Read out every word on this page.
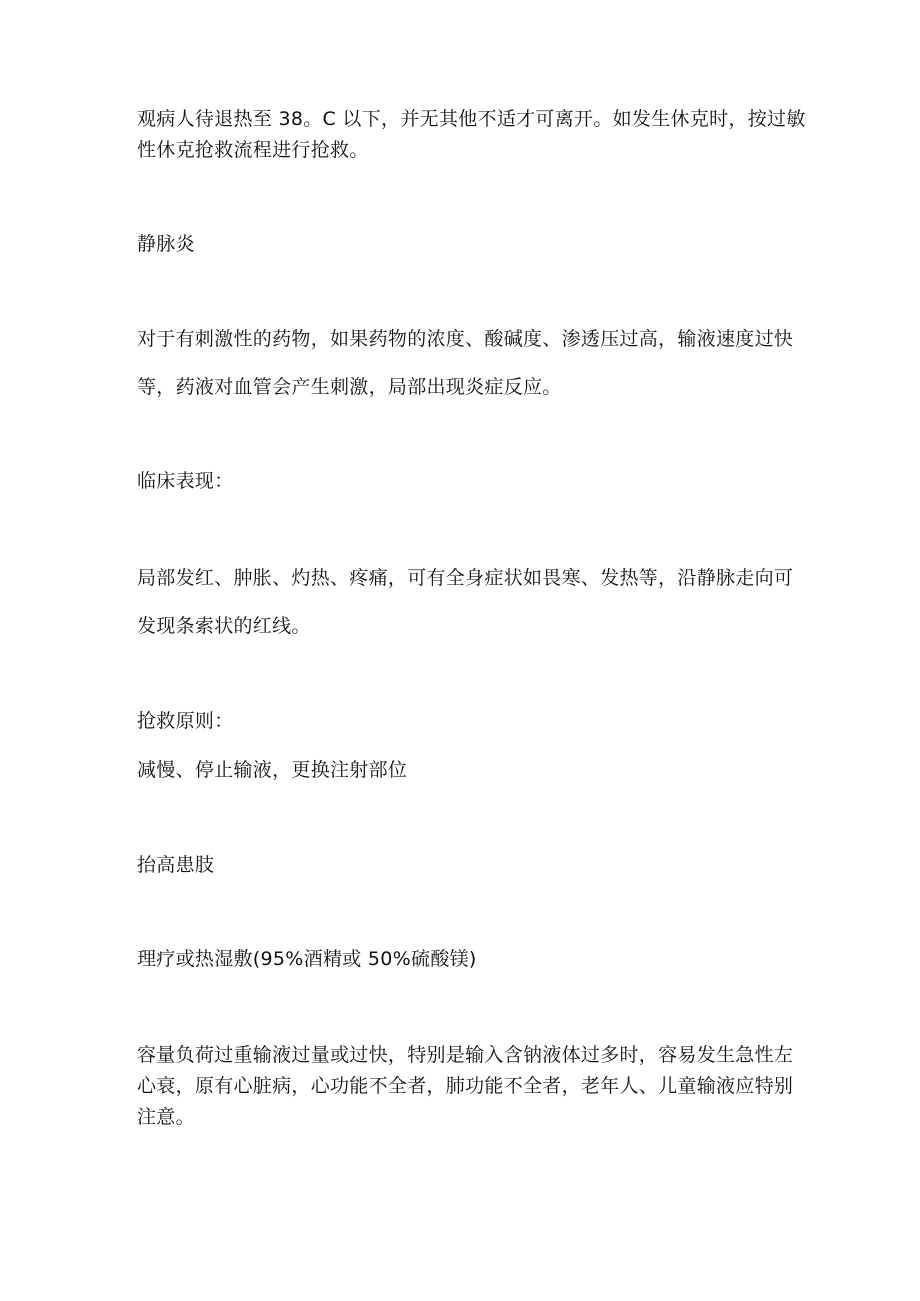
观病人待退热至 38。C 以下，并无其他不适才可离开。如发生休克时，按过敏
性休克抢救流程进行抢救。
静脉炎
对于有刺激性的药物，如果药物的浓度、酸碱度、渗透压过高，输液速度过快
等，药液对血管会产生刺激，局部出现炎症反应。
临床表现：
局部发红、肿胀、灼热、疼痛，可有全身症状如畏寒、发热等，沿静脉走向可
发现条索状的红线。
抢救原则：
减慢、停止输液，更换注射部位
抬高患肢
理疗或热湿敷(95%酒精或 50%硫酸镁)
容量负荷过重输液过量或过快，特别是输入含钠液体过多时，容易发生急性左
心衰，原有心脏病，心功能不全者，肺功能不全者，老年人、儿童输液应特别
注意。
